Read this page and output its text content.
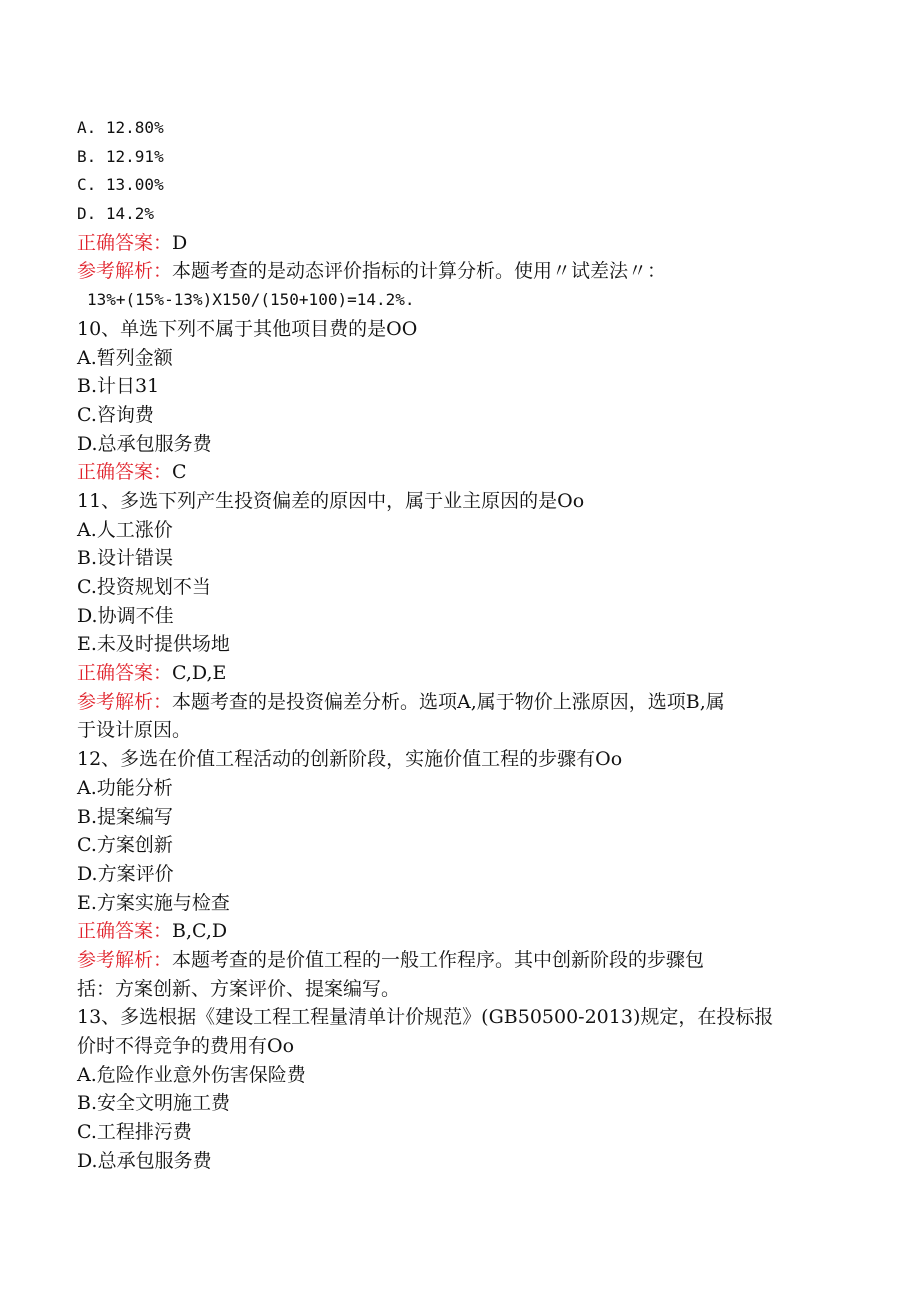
A. 12.80%
B. 12.91%
C. 13.00%
D. 14.2%
正确答案：D
参考解析：本题考查的是动态评价指标的计算分析。使用〃试差法〃：
13%+(15%-13%)X150/(150+100)=14.2%.
10、单选下列不属于其他项目费的是OO
A.暂列金额
B.计日31
C.咨询费
D.总承包服务费
正确答案：C
11、多选下列产生投资偏差的原因中，属于业主原因的是Oo
A.人工涨价
B.设计错误
C.投资规划不当
D.协调不佳
E.未及时提供场地
正确答案：C,D,E
参考解析：本题考查的是投资偏差分析。选项A,属于物价上涨原因，选项B,属
于设计原因。
12、多选在价值工程活动的创新阶段，实施价值工程的步骤有Oo
A.功能分析
B.提案编写
C.方案创新
D.方案评价
E.方案实施与检查
正确答案：B,C,D
参考解析：本题考查的是价值工程的一般工作程序。其中创新阶段的步骤包
括：方案创新、方案评价、提案编写。
13、多选根据《建设工程工程量清单计价规范》(GB50500-2013)规定，在投标报
价时不得竞争的费用有Oo
A.危险作业意外伤害保险费
B.安全文明施工费
C.工程排污费
D.总承包服务费
